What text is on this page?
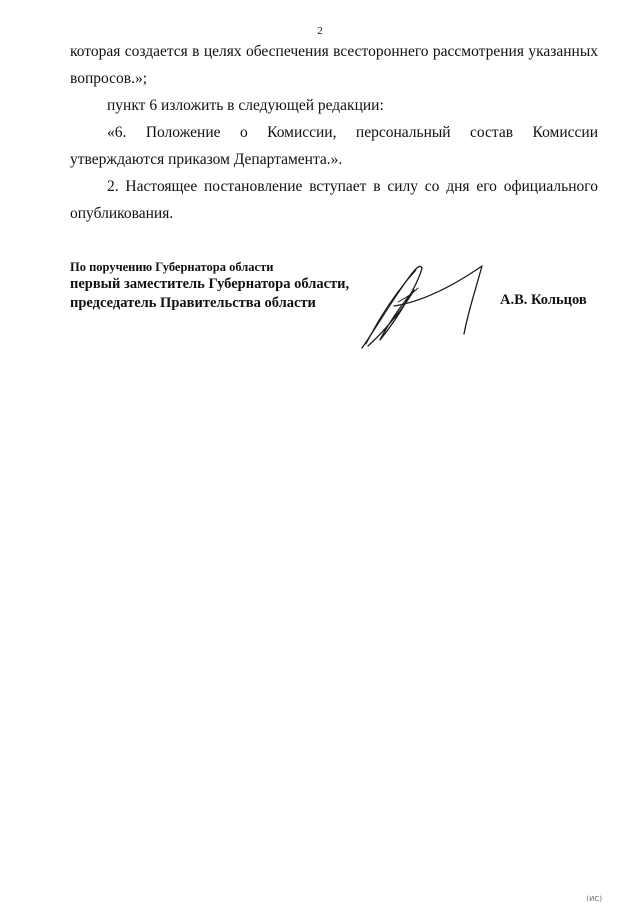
2

которая создается в целях обеспечения всестороннего рассмотрения указанных вопросов.»;

пункт 6 изложить в следующей редакции:

«6. Положение о Комиссии, персональный состав Комиссии утверждаются приказом Департамента.».

2. Настоящее постановление вступает в силу со дня его официального опубликования.

По поручению Губернатора области
первый заместитель Губернатора области,
председатель Правительства области	А.В. Кольцов
(ИС)
